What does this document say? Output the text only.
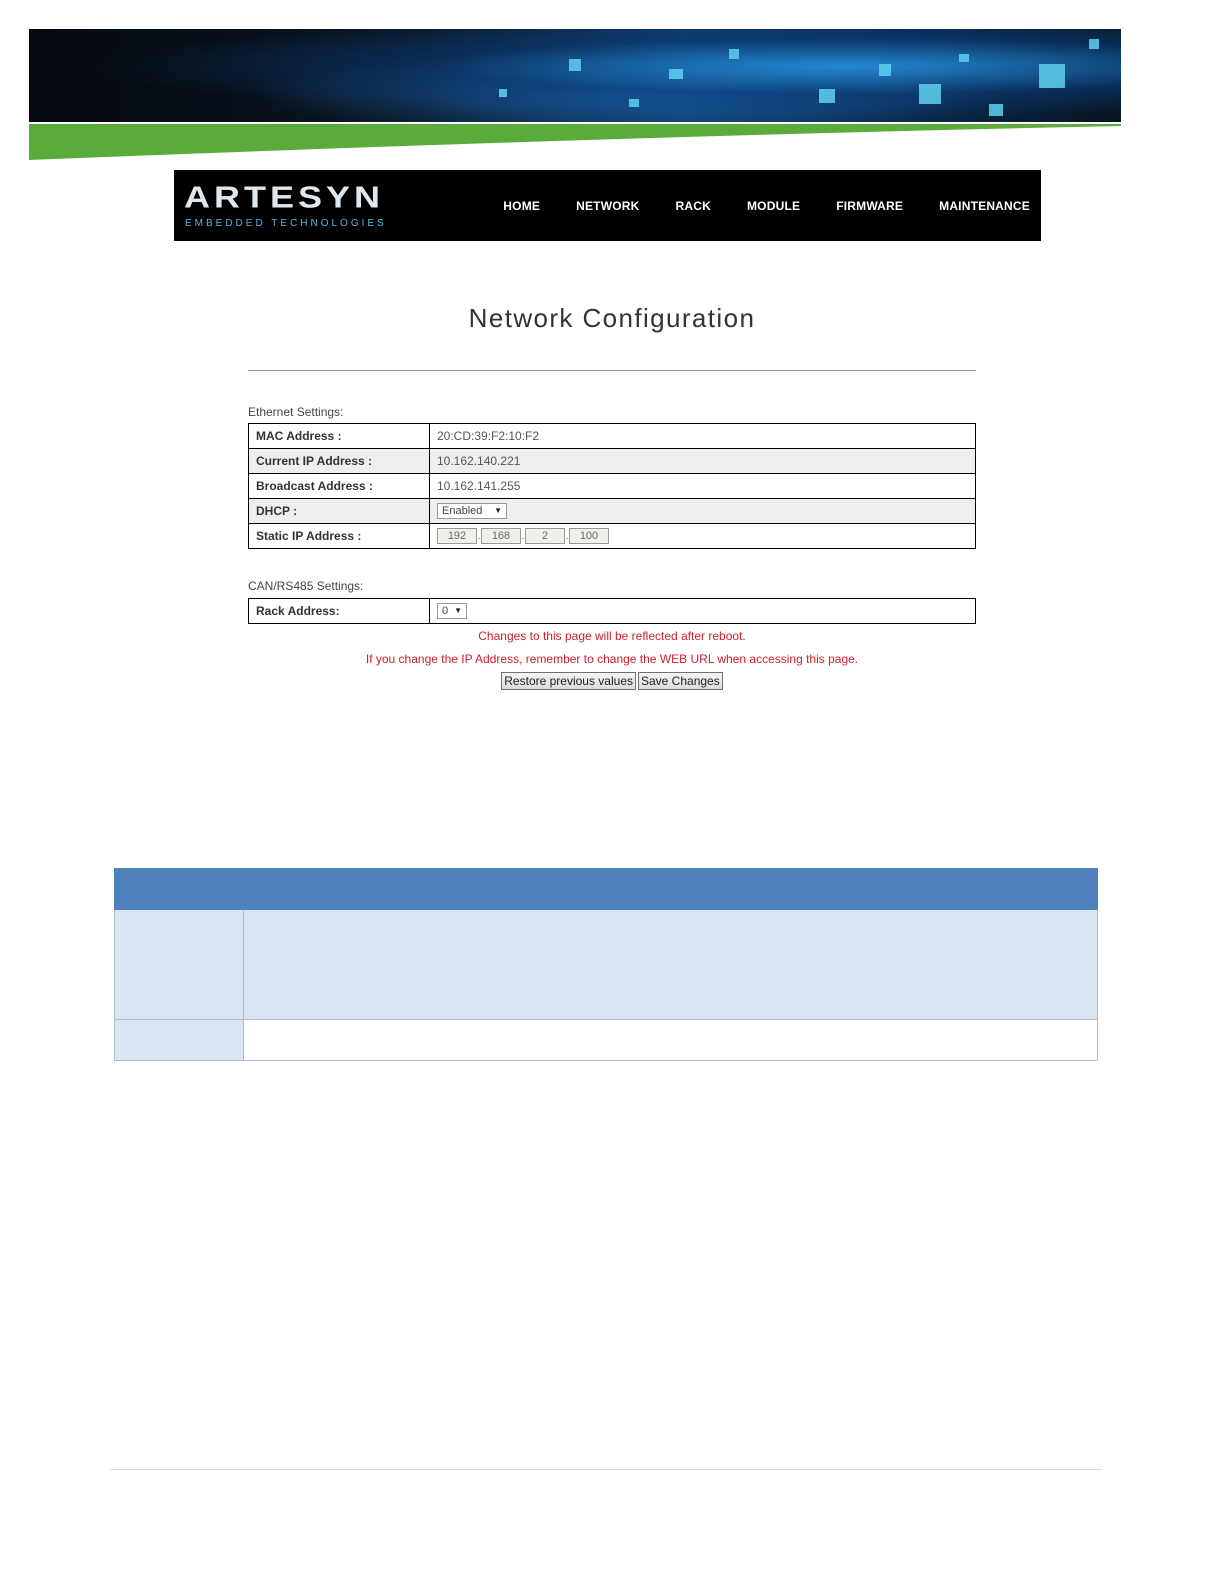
ARTESYN
EMBEDDED TECHNOLOGIES
HOME	NETWORK	RACK	MODULE	FIRMWARE	MAINTENANCE
Network Configuration
Ethernet Settings:
MAC Address :	20:CD:39:F2:10:F2
Current IP Address :	10.162.140.221
Broadcast Address :	10.162.141.255
DHCP :	Enabled ▼

Static IP Address :	192 . 168 . 2 . 100
CAN/RS485 Settings:
Rack Address:	0 ▼
Changes to this page will be reflected after reboot.
If you change the IP Address, remember to change the WEB URL when accessing this page.
Restore previous values Save Changes
